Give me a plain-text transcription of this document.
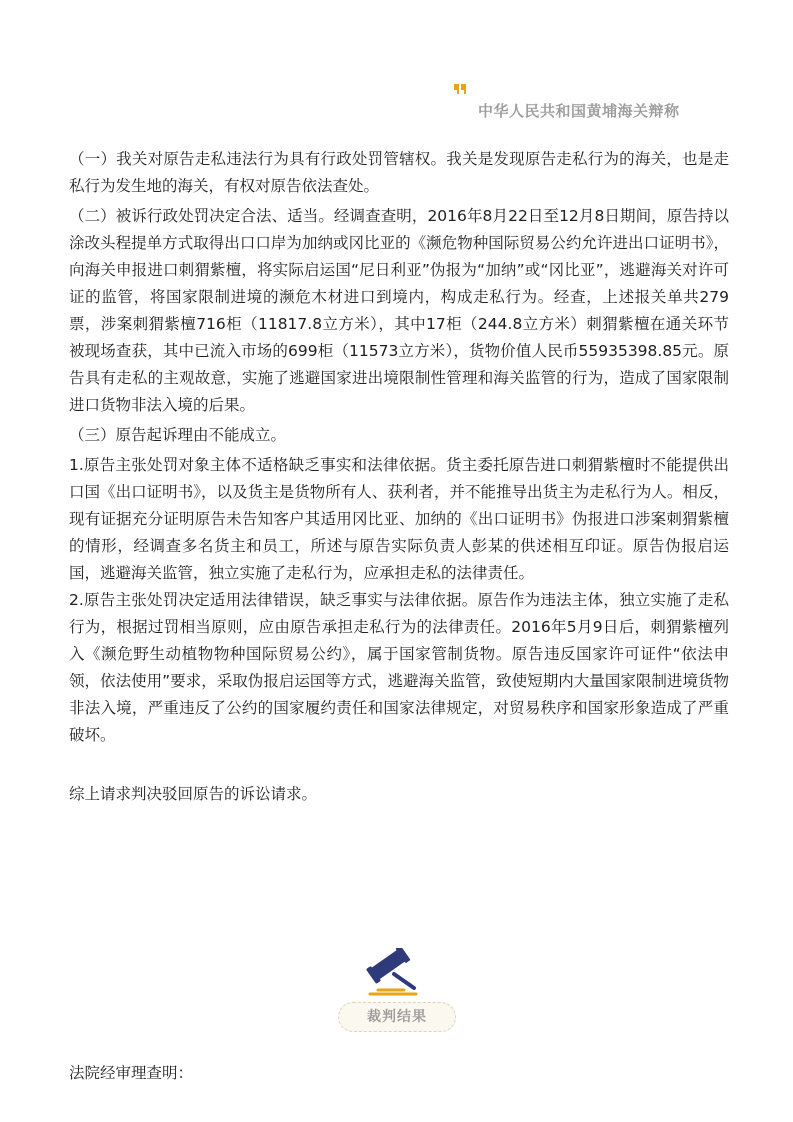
中华人民共和国黄埔海关辩称

（一）我关对原告走私违法行为具有行政处罚管辖权。我关是发现原告走私行为的海关，也是走私行为发生地的海关，有权对原告依法查处。

（二）被诉行政处罚决定合法、适当。经调查查明，2016年8月22日至12月8日期间，原告持以涂改头程提单方式取得出口口岸为加纳或冈比亚的《濒危物种国际贸易公约允许进出口证明书》，向海关申报进口刺猬紫檀，将实际启运国“尼日利亚”伪报为“加纳”或“冈比亚”，逃避海关对许可证的监管，将国家限制进境的濒危木材进口到境内，构成走私行为。经查，上述报关单共279票，涉案刺猬紫檀716柜（11817.8立方米），其中17柜（244.8立方米）刺猬紫檀在通关环节被现场查获，其中已流入市场的699柜（11573立方米），货物价值人民币55935398.85元。原告具有走私的主观故意，实施了逃避国家进出境限制性管理和海关监管的行为，造成了国家限制进口货物非法入境的后果。

（三）原告起诉理由不能成立。

1.原告主张处罚对象主体不适格缺乏事实和法律依据。货主委托原告进口刺猬紫檀时不能提供出口国《出口证明书》，以及货主是货物所有人、获利者，并不能推导出货主为走私行为人。相反，现有证据充分证明原告未告知客户其适用冈比亚、加纳的《出口证明书》伪报进口涉案刺猬紫檀的情形，经调查多名货主和员工，所述与原告实际负责人彭某的供述相互印证。原告伪报启运国，逃避海关监管，独立实施了走私行为，应承担走私的法律责任。

2.原告主张处罚决定适用法律错误，缺乏事实与法律依据。原告作为违法主体，独立实施了走私行为，根据过罚相当原则，应由原告承担走私行为的法律责任。2016年5月9日后，刺猬紫檀列入《濒危野生动植物物种国际贸易公约》，属于国家管制货物。原告违反国家许可证件“依法申领，依法使用”要求，采取伪报启运国等方式，逃避海关监管，致使短期内大量国家限制进境货物非法入境，严重违反了公约的国家履约责任和国家法律规定，对贸易秩序和国家形象造成了严重破坏。

综上请求判决驳回原告的诉讼请求。

裁判结果
法院经审理查明：
